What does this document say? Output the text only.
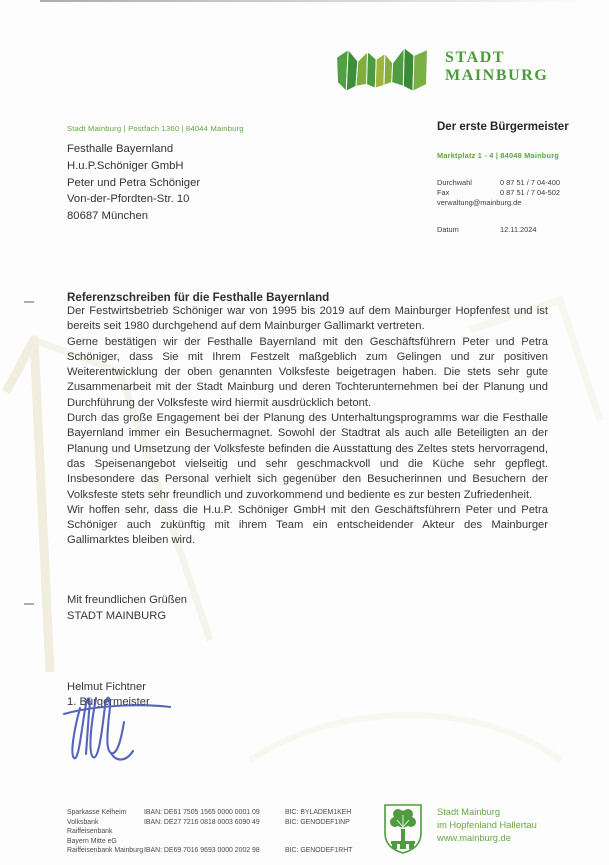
STADT
MAINBURG
Der erste Bürgermeister
Stadt Mainburg | Postfach 1360 | 84044 Mainburg
Festhalle Bayernland
H.u.P.Schöniger GmbH
Peter und Petra Schöniger
Von-der-Pfordten-Str. 10
80687 München
Marktplatz 1 - 4 | 84048 Mainburg
Durchwahl	0 87 51 / 7 04-400
Fax	0 87 51 / 7 04-502
verwaltung@mainburg.de
Datum	12.11.2024
Referenzschreiben für die Festhalle Bayernland

Der Festwirtsbetrieb Schöniger war von 1995 bis 2019 auf dem Mainburger Hopfenfest und ist bereits seit 1980 durchgehend auf dem Mainburger Gallimarkt vertreten.

Gerne bestätigen wir der Festhalle Bayernland mit den Geschäftsführern Peter und Petra Schöniger, dass Sie mit Ihrem Festzelt maßgeblich zum Gelingen und zur positiven Weiterentwicklung der oben genannten Volksfeste beigetragen haben. Die stets sehr gute Zusammenarbeit mit der Stadt Mainburg und deren Tochterunternehmen bei der Planung und Durchführung der Volksfeste wird hiermit ausdrücklich betont.

Durch das große Engagement bei der Planung des Unterhaltungsprogramms war die Festhalle Bayernland immer ein Besuchermagnet. Sowohl der Stadtrat als auch alle Beteiligten an der Planung und Umsetzung der Volksfeste befinden die Ausstattung des Zeltes stets hervorragend, das Speisenangebot vielseitig und sehr geschmackvoll und die Küche sehr gepflegt. Insbesondere das Personal verhielt sich gegenüber den Besucherinnen und Besuchern der Volksfeste stets sehr freundlich und zuvorkommend und bediente es zur besten Zufriedenheit.

Wir hoffen sehr, dass die H.u.P. Schöniger GmbH mit den Geschäftsführern Peter und Petra Schöniger auch zukünftig mit ihrem Team ein entscheidender Akteur des Mainburger Gallimarktes bleiben wird.

Mit freundlichen Grüßen
STADT MAINBURG
Helmut Fichtner
1. Bürgermeister
Sparkasse Kelheim	IBAN: DE61 7505 1565 0000 0001 09	BIC: BYLADEM1KEH
Volksbank Raiffeisenbank
IBAN: DE27 7216 0818 0003 6090 49	BIC: GENODEF1INP
Bayern Mitte eG
Raiffeisenbank Mainburg IBAN: DE69 7016 9693 0000 2002 98	BIC: GENODEF1RHT
Stadt Mainburg
im Hopfenland Hallertau
www.mainburg.de
